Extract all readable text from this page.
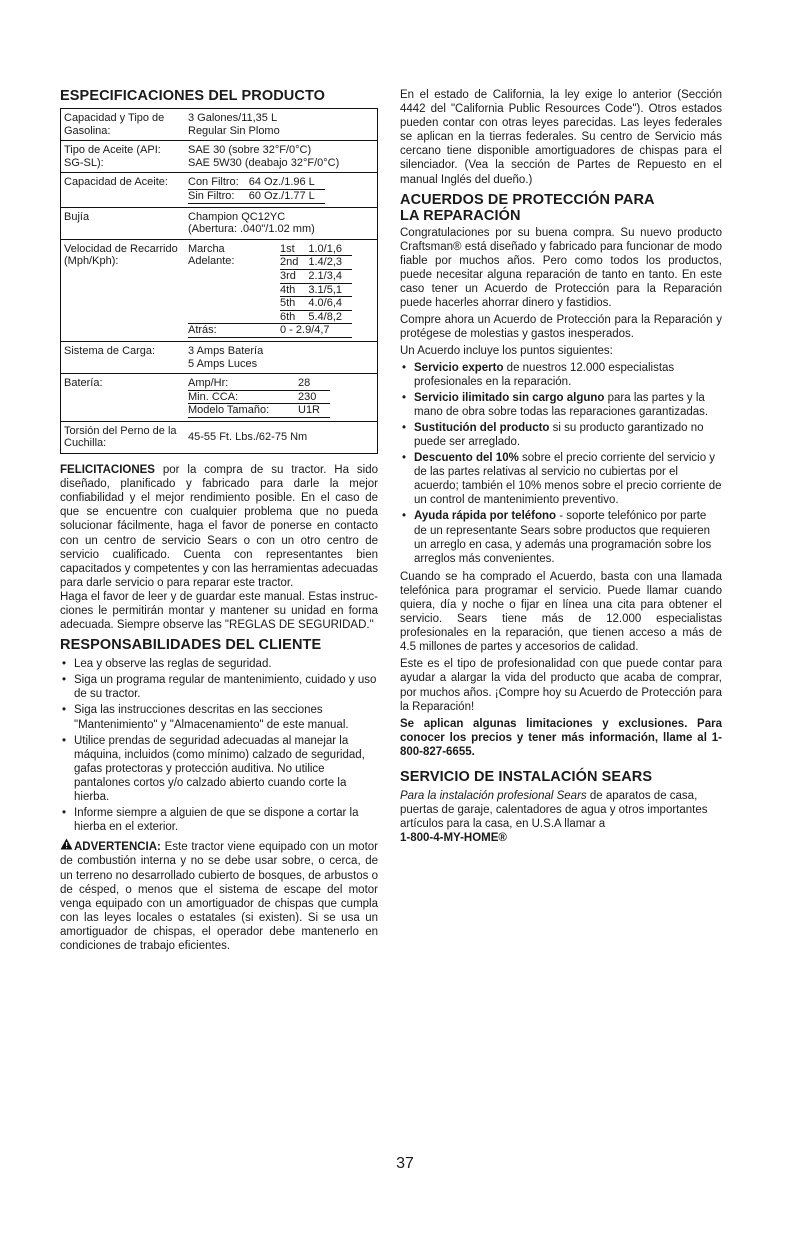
ESPECIFICACIONES DEL PRODUCTO
Capacidad y Tipo de Gasolina:	
3 Galones/11,35 L
Regular Sin Plomo

Tipo de Aceite (API: SG-SL):	
SAE 30 (sobre 32°F/0°C)
SAE 5W30 (deabajo 32°F/0°C)

Capacidad de Aceite:	Con Filtro:	64 Oz./1.96 L
Sin Filtro:	60 Oz./1.77 L

Bujía	Champion QC12YC
(Abertura: .040"/1.02 mm)

Velocidad de Recarrido (Mph/Kph):	
Marcha Adelante:	1st	1.0/1,6
2nd	1.4/2,3
3rd	2.1/3,4
4th	3.1/5,1
5th	4.0/6,4
6th	5.4/8,2
Atrás:	0 - 2.9/4,7

Sistema de Carga:	3 Amps Batería
5 Amps Luces

Batería:		Amp/Hr:	28
Min. CCA:	230
Modelo Tamaño:	U1R

Torsión del Perno de la Cuchilla:	
45-55 Ft. Lbs./62-75 Nm

FELICITACIONES por la compra de su tractor. Ha sido diseñado, planificado y fabricado para darle la mejor confiabilidad y el mejor rendimiento posible. En el caso de que se encuentre con cualquier problema que no pueda solucionar fácilmente, haga el favor de ponerse en contacto con un centro de servicio Sears o con un otro centro de servicio cualificado. Cuenta con representantes bien capacitados y competentes y con las herramientas adecuadas para darle servicio o para reparar este tractor.

Haga el favor de leer y de guardar este manual. Estas instruc-ciones le permitirán montar y mantener su unidad en forma adecuada. Siempre observe las "REGLAS DE SEGURIDAD."

RESPONSABILIDADES DEL CLIENTE
• Lea y observe las reglas de seguridad.
• Siga un programa regular de mantenimiento, cuidado y uso de su tractor.
• Siga las instrucciones descritas en las secciones "Mantenimiento" y "Almacenamiento" de este manual.
• Utilice prendas de seguridad adecuadas al manejar la máquina, incluidos (como mínimo) calzado de seguridad, gafas protectoras y protección auditiva. No utilice pantalones cortos y/o calzado abierto cuando corte la hierba.
• Informe siempre a alguien de que se dispone a cortar la hierba en el exterior.

ADVERTENCIA: Este tractor viene equipado con un motor de combustión interna y no se debe usar sobre, o cerca, de un terreno no desarrollado cubierto de bosques, de arbustos o de césped, o menos que el sistema de escape del motor venga equipado con un amortiguador de chispas que cumpla con las leyes locales o estatales (si existen). Si se usa un amortiguador de chispas, el operador debe mantenerlo en condiciones de trabajo eficientes.

En el estado de California, la ley exige lo anterior (Sección 4442 del "California Public Resources Code"). Otros estados pueden contar con otras leyes parecidas. Las leyes federales se aplican en la tierras federales. Su centro de Servicio más cercano tiene disponible amortiguadores de chispas para el silenciador. (Vea la sección de Partes de Repuesto en el manual Inglés del dueño.)

ACUERDOS DE PROTECCIÓN PARA
LA REPARACIÓN

Congratulaciones por su buena compra. Su nuevo producto Craftsman® está diseñado y fabricado para funcionar de modo fiable por muchos años. Pero como todos los productos, puede necesitar alguna reparación de tanto en tanto. En este caso tener un Acuerdo de Protección para la Reparación puede hacerles ahorrar dinero y fastidios.

Compre ahora un Acuerdo de Protección para la Reparación y protégese de molestias y gastos inesperados.

Un Acuerdo incluye los puntos siguientes:

• Servicio experto de nuestros 12.000 especialistas profesionales en la reparación.
• Servicio ilimitado sin cargo alguno para las partes y la mano de obra sobre todas las reparaciones garantizadas.
• Sustitución del producto si su producto garantizado no puede ser arreglado.
• Descuento del 10% sobre el precio corriente del servicio y de las partes relativas al servicio no cubiertas por el acuerdo; también el 10% menos sobre el precio corriente de un control de mantenimiento preventivo.
• Ayuda rápida por teléfono - soporte telefónico por parte de un representante Sears sobre productos que requieren un arreglo en casa, y además una programación sobre los arreglos más convenientes.

Cuando se ha comprado el Acuerdo, basta con una llamada telefónica para programar el servicio. Puede llamar cuando quiera, día y noche o fijar en línea una cita para obtener el servicio. Sears tiene más de 12.000 especialistas profesionales en la reparación, que tienen acceso a más de 4.5 millones de partes y accesorios de calidad.

Este es el tipo de profesionalidad con que puede contar para ayudar a alargar la vida del producto que acaba de comprar, por muchos años. ¡Compre hoy su Acuerdo de Protección para la Reparación!

Se aplican algunas limitaciones y exclusiones. Para conocer los precios y tener más información, llame al 1-800-827-6655.

SERVICIO DE INSTALACIÓN SEARS

Para la instalación profesional Sears de aparatos de casa, puertas de garaje, calentadores de agua y otros importantes artículos para la casa, en U.S.A llamar a

1-800-4-MY-HOME®

37
